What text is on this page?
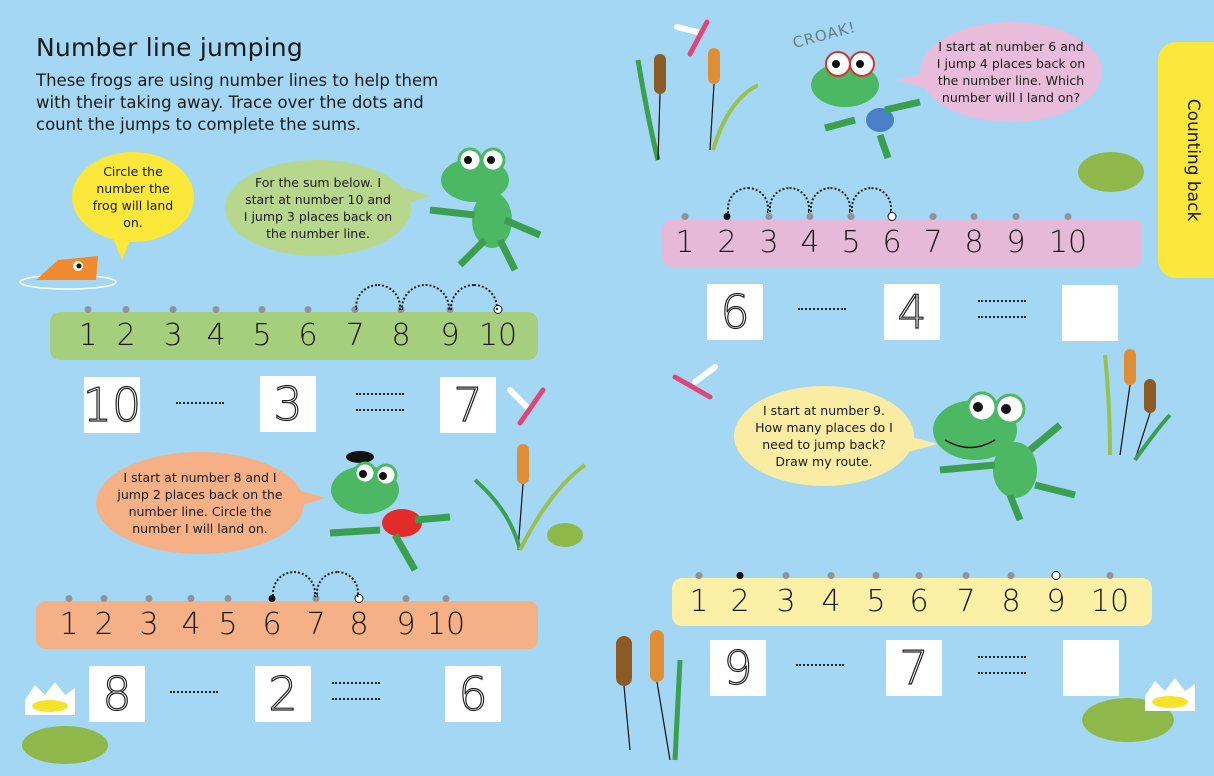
Number line jumping
These frogs are using number lines to help them with their taking away. Trace over the dots and count the jumps to complete the sums.	Counting back
Circle the number the frog will land on.
For the sum below. I start at number 10 and I jump 3 places back on the number line.
I start at number 8 and I jump 2 places back on the number line. Circle the number I will land on.
I start at number 6 and I jump 4 places back on the number line. Which number will I land on?
I start at number 9. How many places do I need to jump back? Draw my route.
CROAK!
1 2 3 4 5 6 7 8 9 10
10	3	7
1 2 3 4 5 6 7 8 9 10
8	2	6
1 2 3 4 5 6 7 8 9 10
6	4
1 2 3 4 5 6 7 8 9 10
9	7
